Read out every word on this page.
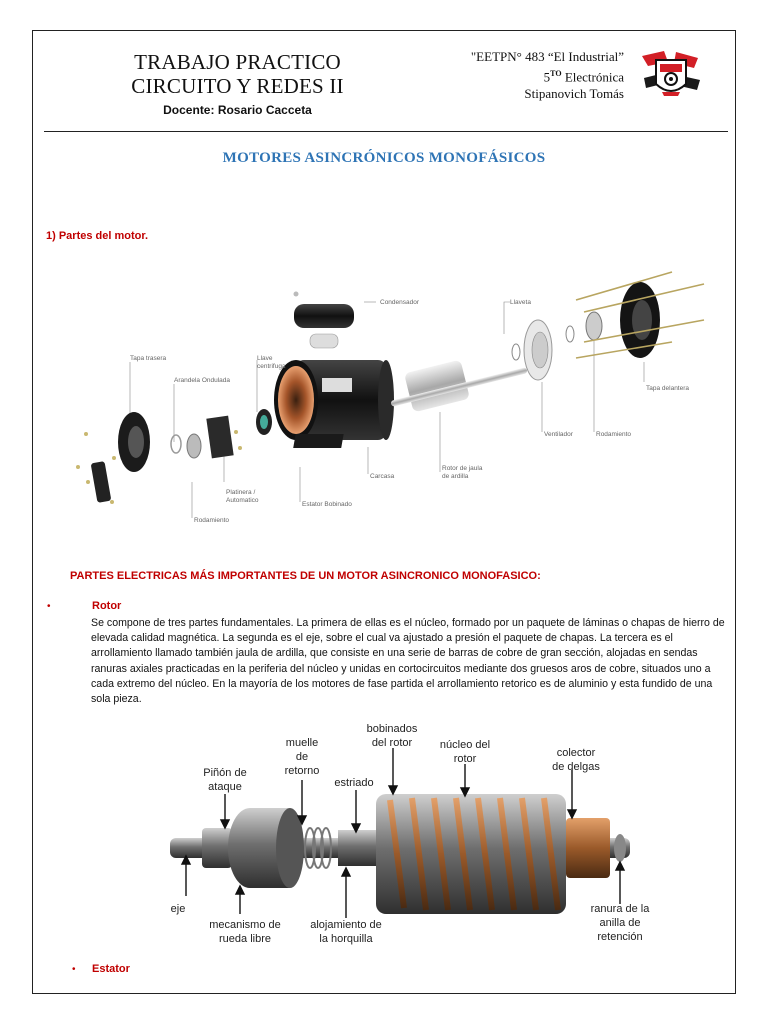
TRABAJO PRACTICO
CIRCUITO Y REDES II
Docente: Rosario Cacceta
"EETPN° 483 “El Industrial”
$5^{TO}$ Electrónica
Stipanovich Tomás
MOTORES ASINCRÓNICOS MONOFÁSICOS
1) Partes del motor.
Condensador	Llaveta
Tapa trasera
Arandela Ondulada
Llave
centrifuga
Platinera /
Automatico
Rodamiento
Estator Bobinado
Carcasa
Rotor de jaula
de ardilla
Ventilador	Rodamiento
Tapa delantera
PARTES ELECTRICAS MÁS IMPORTANTES DE UN MOTOR ASINCRONICO MONOFASICO:
•	Rotor
Se compone de tres partes fundamentales. La primera de ellas es el núcleo, formado por un paquete de láminas o chapas de hierro de elevada calidad magnética. La segunda es el eje, sobre el cual va ajustado a presión el paquete de chapas. La tercera es el arrollamiento llamado también jaula de ardilla, que consiste en una serie de barras de cobre de gran sección, alojadas en sendas ranuras axiales practicadas en la periferia del núcleo y unidas en cortocircuitos mediante dos gruesos aros de cobre, situados uno a cada extremo del núcleo. En la mayoría de los motores de fase partida el arrollamiento retorico es de aluminio y esta fundido de una sola pieza.
bobinados
del rotor
muelle
de
retorno
núcleo del
rotor	colector
de delgas
Piñón de
ataque	estriado
eje
mecanismo de
rueda libre
alojamiento de
la horquilla
ranura de la
anilla de
retención
• Estator
